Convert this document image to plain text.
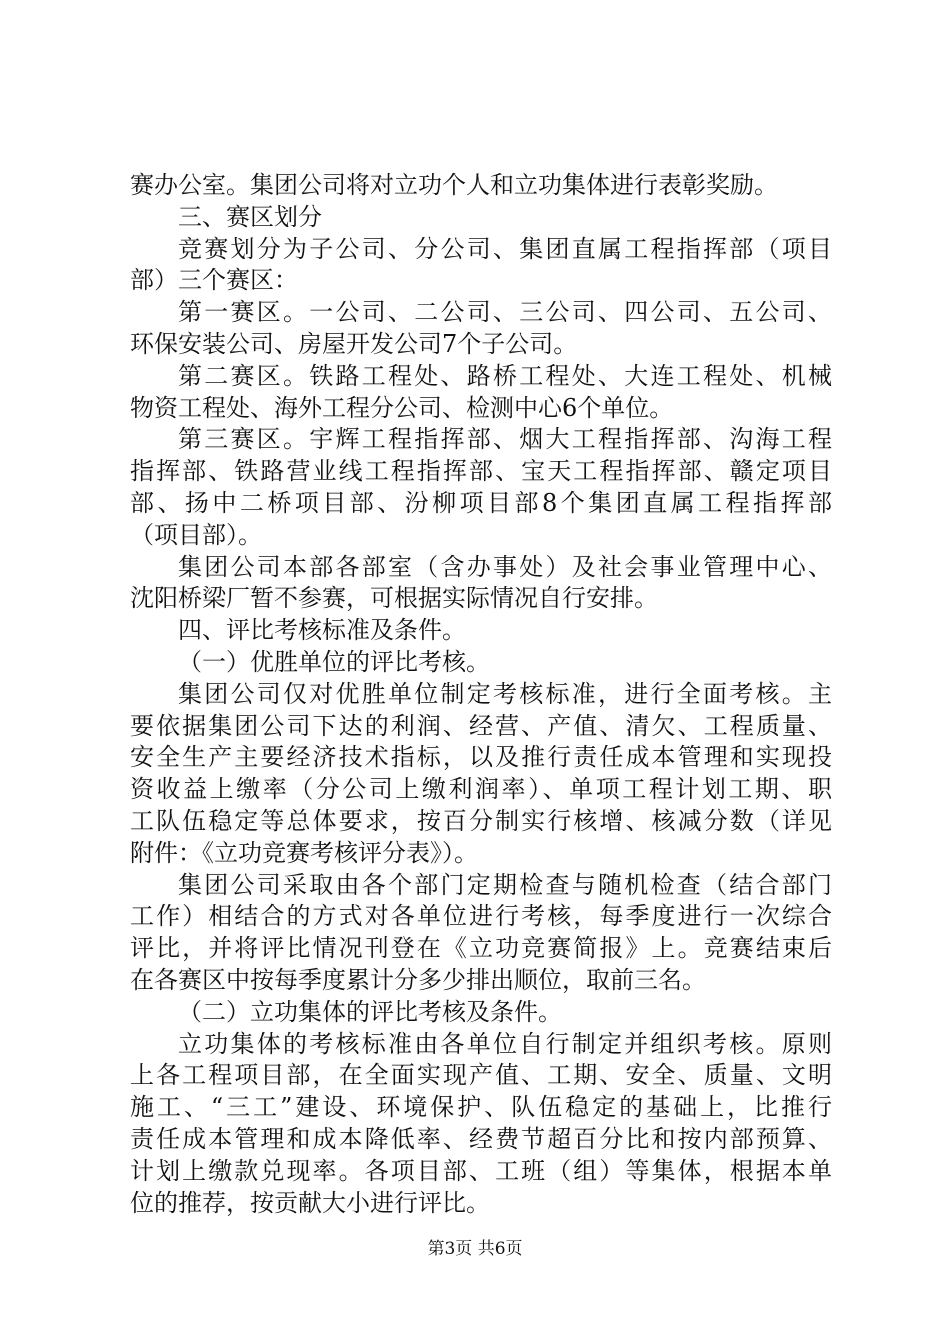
赛办公室。集团公司将对立功个人和立功集体进行表彰奖励。
三、赛区划分
竞赛划分为子公司、分公司、集团直属工程指挥部（项目
部）三个赛区：
第一赛区。一公司、二公司、三公司、四公司、五公司、
环保安装公司、房屋开发公司7个子公司。
第二赛区。铁路工程处、路桥工程处、大连工程处、机械
物资工程处、海外工程分公司、检测中心6个单位。
第三赛区。宇辉工程指挥部、烟大工程指挥部、沟海工程
指挥部、铁路营业线工程指挥部、宝天工程指挥部、赣定项目
部、扬中二桥项目部、汾柳项目部8个集团直属工程指挥部
（项目部）。
集团公司本部各部室（含办事处）及社会事业管理中心、
沈阳桥梁厂暂不参赛，可根据实际情况自行安排。
四、评比考核标准及条件。
（一）优胜单位的评比考核。
集团公司仅对优胜单位制定考核标准，进行全面考核。主
要依据集团公司下达的利润、经营、产值、清欠、工程质量、
安全生产主要经济技术指标，以及推行责任成本管理和实现投
资收益上缴率（分公司上缴利润率）、单项工程计划工期、职
工队伍稳定等总体要求，按百分制实行核增、核减分数（详见
附件：《立功竞赛考核评分表》）。
集团公司采取由各个部门定期检查与随机检查（结合部门
工作）相结合的方式对各单位进行考核，每季度进行一次综合
评比，并将评比情况刊登在《立功竞赛简报》上。竞赛结束后
在各赛区中按每季度累计分多少排出顺位，取前三名。
（二）立功集体的评比考核及条件。
立功集体的考核标准由各单位自行制定并组织考核。原则
上各工程项目部，在全面实现产值、工期、安全、质量、文明
施工、“三工”建设、环境保护、队伍稳定的基础上，比推行
责任成本管理和成本降低率、经费节超百分比和按内部预算、
计划上缴款兑现率。各项目部、工班（组）等集体，根据本单
位的推荐，按贡献大小进行评比。
第3页 共6页
